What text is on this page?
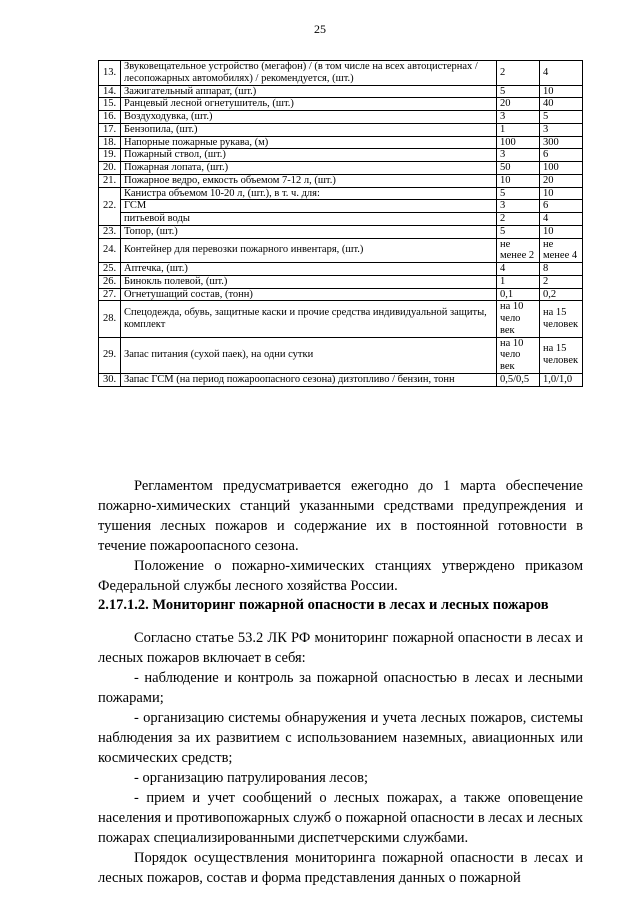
25
13.	Звуковещательное устройство (мегафон) / (в том числе на всех автоцистернах / лесопожарных автомобилях) / рекомендуется, (шт.)	2	4
14.	Зажигательный аппарат, (шт.)	5	10
15.	Ранцевый лесной огнетушитель, (шт.)	20	40
16.	Воздуходувка, (шт.)	3	5
17.	Бензопила, (шт.)	1	3
18.	Напорные пожарные рукава, (м)	100	300
19.	Пожарный ствол, (шт.)	3	6
20.	Пожарная лопата, (шт.)	50	100
21.	Пожарное ведро, емкость объемом 7-12 л, (шт.)	10	20
22.	Канистра объемом 10-20 л, (шт.), в т. ч. для:	5	10
	ГСМ	3	6
	питьевой воды	2	4
23.	Топор, (шт.)	5	10
24.	Контейнер для перевозки пожарного инвентаря, (шт.)	не менее 2	не менее 4
25.	Аптечка, (шт.)	4	8
26.	Бинокль полевой, (шт.)	1	2
27.	Огнетушащий состав, (тонн)	0,1	0,2
28.	Спецодежда, обувь, защитные каски и прочие средства индивидуальной защиты, комплект	на 10 чело век	на 15 человек
29.	Запас питания (сухой паек), на одни сутки	на 10 чело век	на 15 человек
30.	Запас ГСМ (на период пожароопасного сезона) дизтопливо / бензин, тонн	0,5/0,5	1,0/1,0

Регламентом предусматривается ежегодно до 1 марта обеспечение пожарно-химических станций указанными средствами предупреждения и тушения лесных пожаров и содержание их в постоянной готовности в течение пожароопасного сезона.

Положение о пожарно-химических станциях утверждено приказом Федеральной службы лесного хозяйства России.

2.17.1.2. Мониторинг пожарной опасности в лесах и лесных пожаров

Согласно статье 53.2 ЛК РФ мониторинг пожарной опасности в лесах и лесных пожаров включает в себя:

- наблюдение и контроль за пожарной опасностью в лесах и лесными пожарами;

- организацию системы обнаружения и учета лесных пожаров, системы наблюдения за их развитием с использованием наземных, авиационных или космических средств;

- организацию патрулирования лесов;

- прием и учет сообщений о лесных пожарах, а также оповещение населения и противопожарных служб о пожарной опасности в лесах и лесных пожарах специализированными диспетчерскими службами.

Порядок осуществления мониторинга пожарной опасности в лесах и лесных пожаров, состав и форма представления данных о пожарной
